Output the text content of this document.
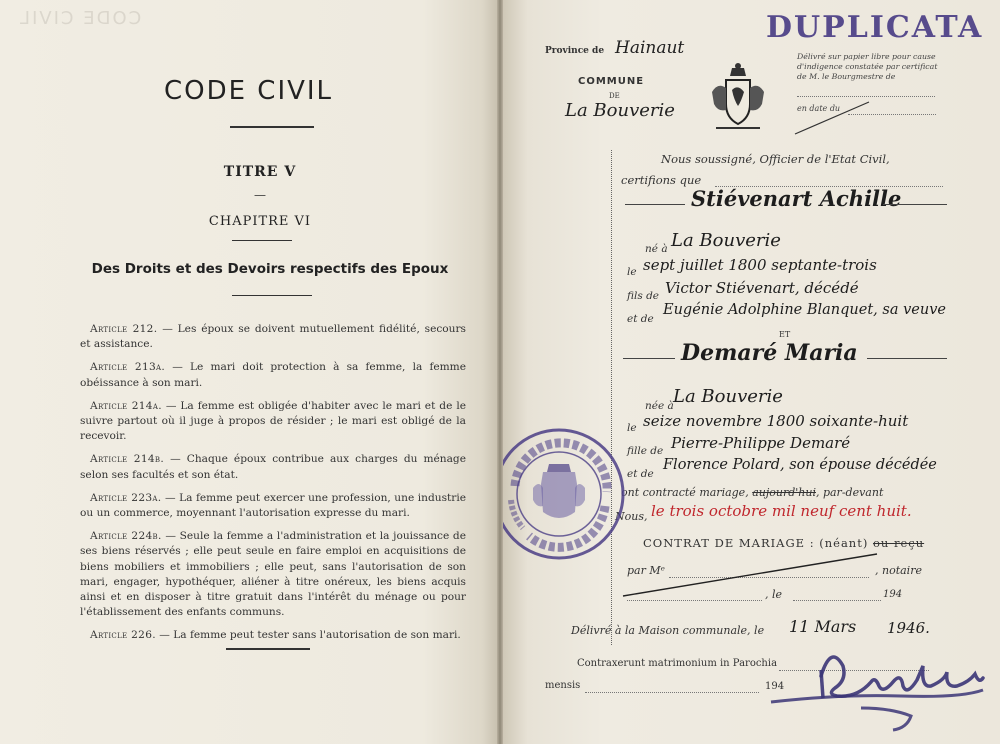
CODE CIVIL
CODE CIVIL
TITRE V
—
CHAPITRE VI
Des Droits et des Devoirs respectifs des Epoux

Article 212. — Les époux se doivent mutuellement fidélité, secours et assistance.

Article 213a. — Le mari doit protection à sa femme, la femme obéissance à son mari.

Article 214a. — La femme est obligée d'habiter avec le mari et de le suivre partout où il juge à propos de résider ; le mari est obligé de la recevoir.

Article 214b. — Chaque époux contribue aux charges du ménage selon ses facultés et son état.

Article 223a. — La femme peut exercer une profession, une industrie ou un commerce, moyennant l'autorisation expresse du mari.

Article 224b. — Seule la femme a l'administration et la jouissance de ses biens réservés ; elle peut seule en faire emploi en acquisitions de biens mobiliers et immobiliers ; elle peut, sans l'autorisation de son mari, engager, hypothéquer, aliéner à titre onéreux, les biens acquis ainsi et en disposer à titre gratuit dans l'intérêt du ménage ou pour l'établissement des enfants communs.

Article 226. — La femme peut tester sans l'autorisation de son mari.

DUPLICATA
Délivré sur papier libre pour cause d'indigence constatée par certificat de M. le Bourgmestre de
en date du
Province de Hainaut
COMMUNE
DE
La Bouverie
Nous soussigné, Officier de l'Etat Civil,
certifions que
Stiévenart Achille
né à La Bouverie
le sept juillet 1800 septante-trois
fils de Victor Stiévenart, décédé
et de
Eugénie Adolphine Blanquet, sa veuve
ET
Demaré Maria
née à La Bouverie
le seize novembre 1800 soixante-huit
fille de Pierre-Philippe Demaré
et de
Florence Polard, son épouse décédée
ont contracté mariage, aujourd'hui, par-devant
Nous, le trois octobre mil neuf cent huit.
CONTRAT DE MARIAGE : (néant) ou reçu
par Mᵉ	, notaire
, le	194
Délivré à la Maison communale, le 11 Mars 1946.
Contraxerunt matrimonium in Parochia
mensis	194
